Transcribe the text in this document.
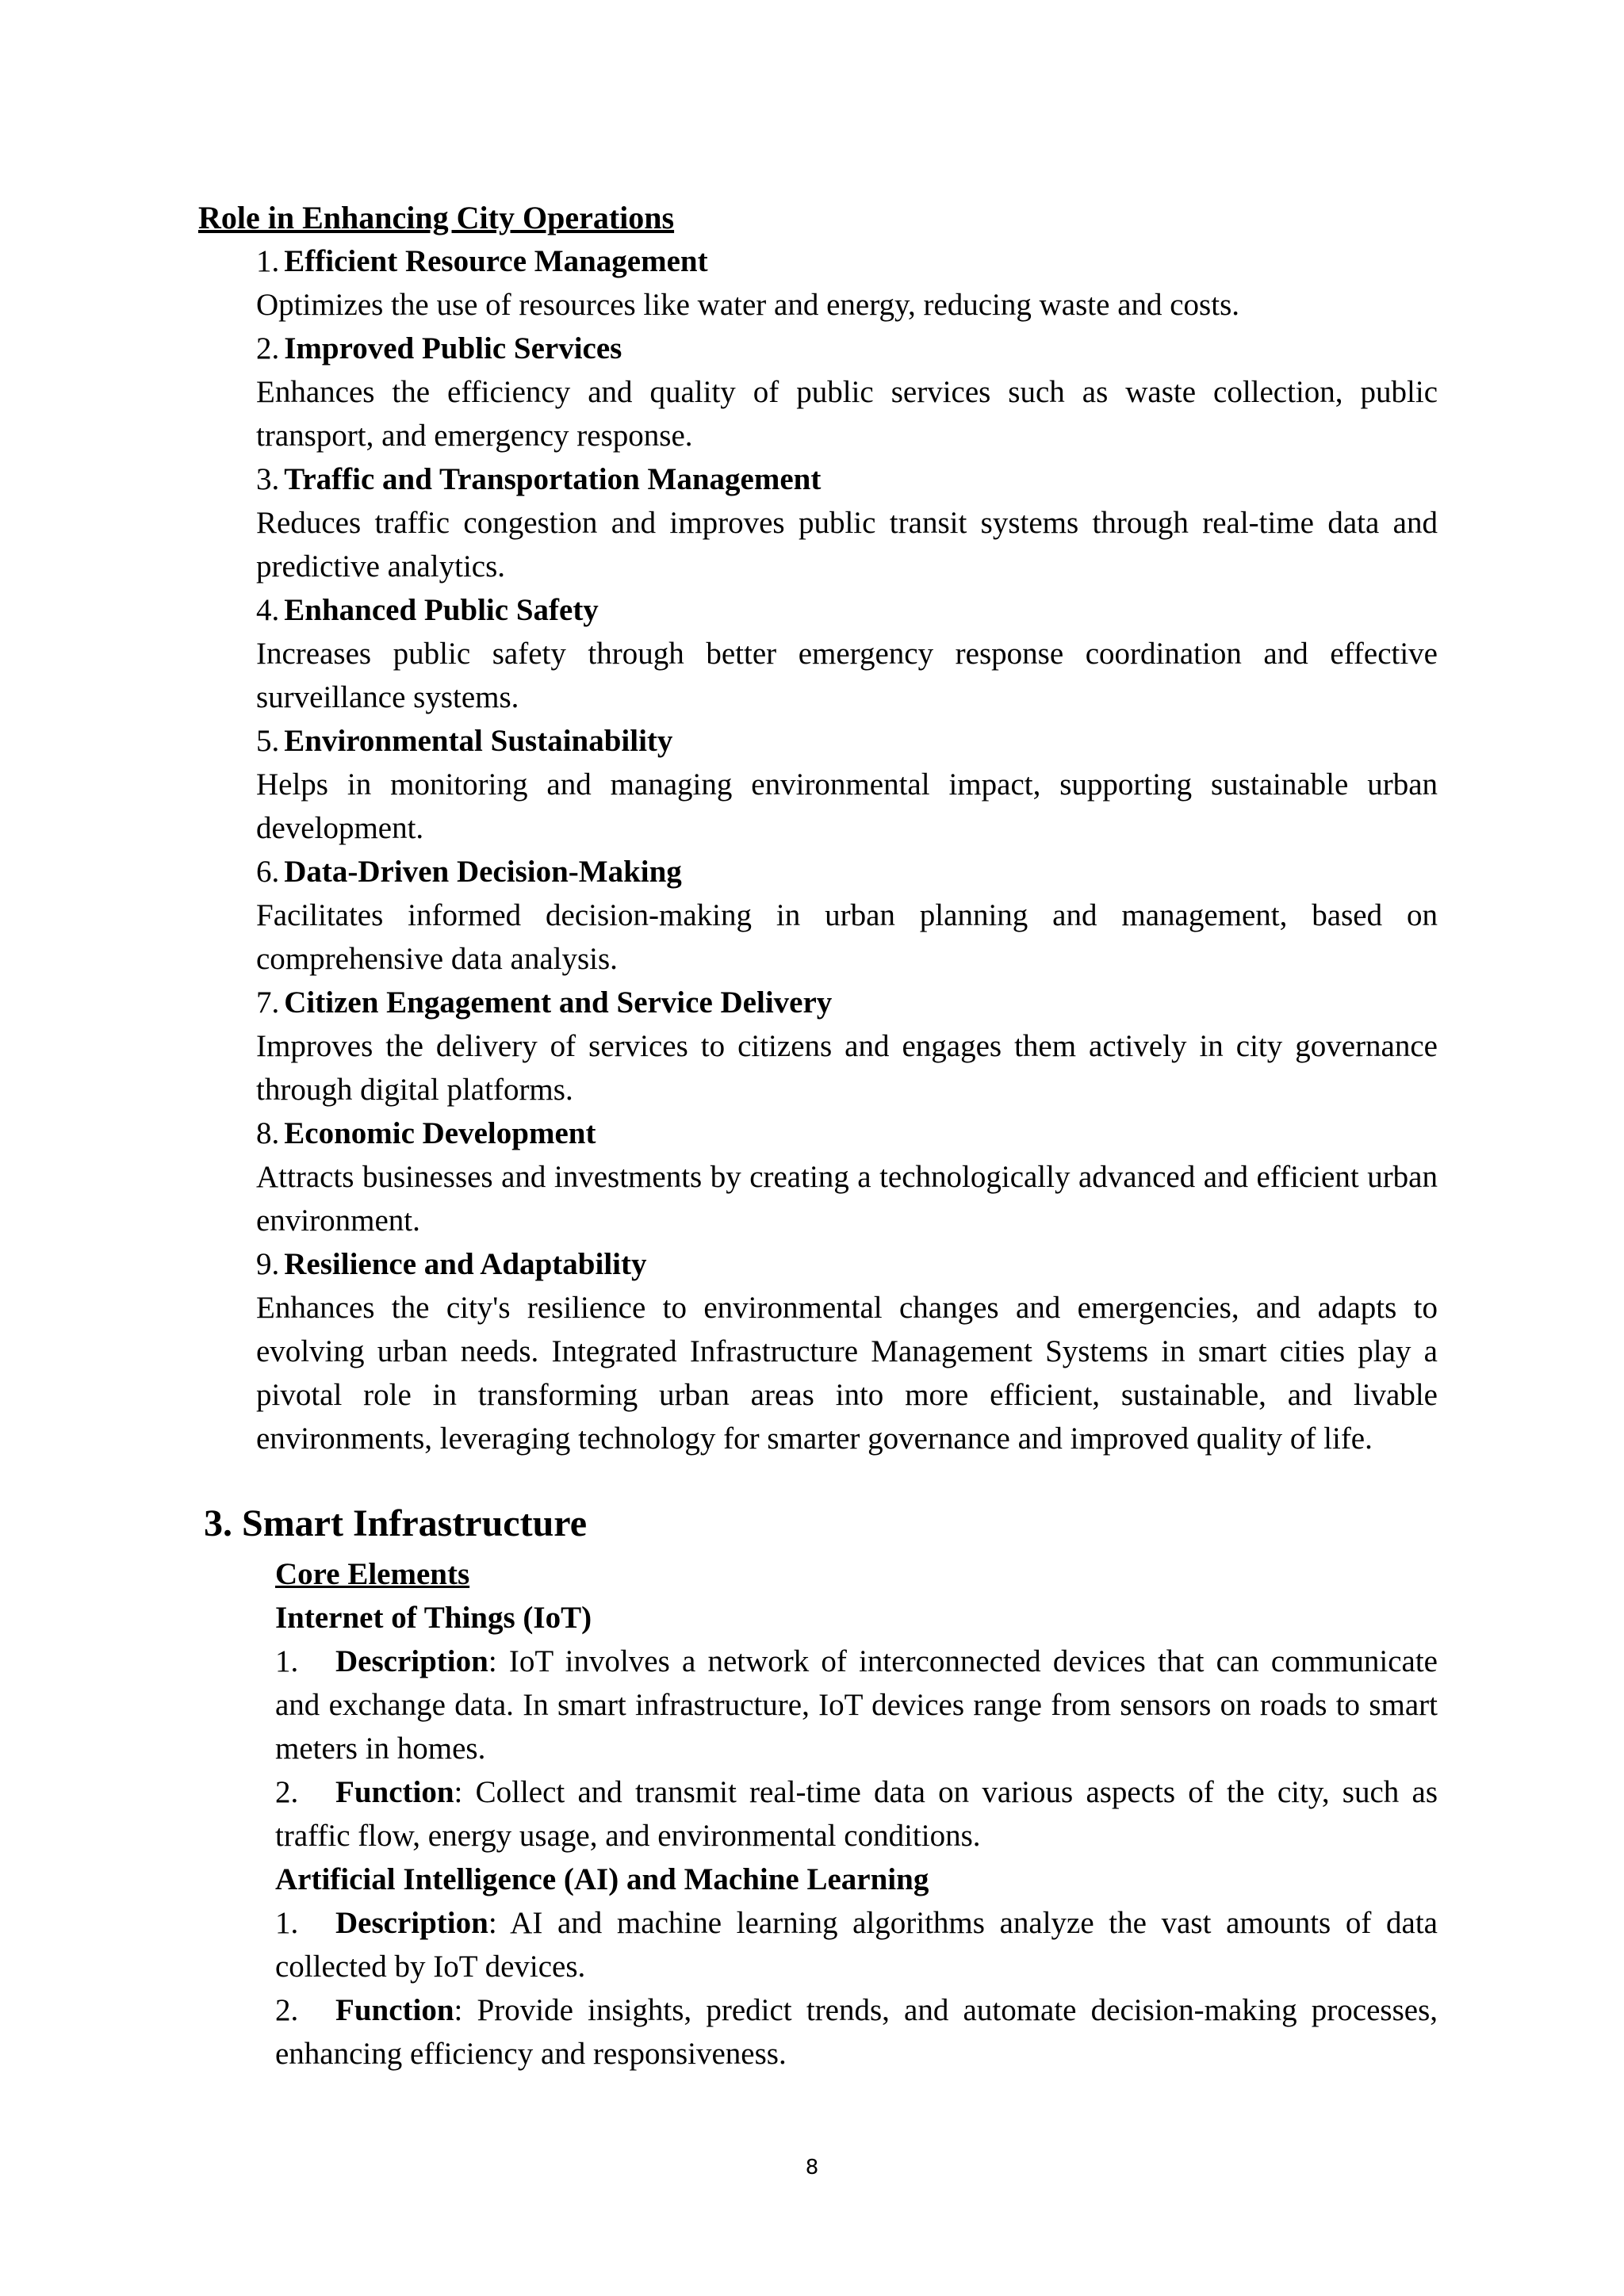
Role in Enhancing City Operations
1. Efficient Resource Management

Optimizes the use of resources like water and energy, reducing waste and costs.

2. Improved Public Services

Enhances the efficiency and quality of public services such as waste collection, public transport, and emergency response.

3. Traffic and Transportation Management

Reduces traffic congestion and improves public transit systems through real-time data and predictive analytics.

4. Enhanced Public Safety

Increases public safety through better emergency response coordination and effective surveillance systems.

5. Environmental Sustainability

Helps in monitoring and managing environmental impact, supporting sustainable urban development.

6. Data-Driven Decision-Making

Facilitates informed decision-making in urban planning and management, based on comprehensive data analysis.

7. Citizen Engagement and Service Delivery

Improves the delivery of services to citizens and engages them actively in city governance through digital platforms.

8. Economic Development

Attracts businesses and investments by creating a technologically advanced and efficient urban environment.

9. Resilience and Adaptability

Enhances the city's resilience to environmental changes and emergencies, and adapts to evolving urban needs. Integrated Infrastructure Management Systems in smart cities play a pivotal role in transforming urban areas into more efficient, sustainable, and livable environments, leveraging technology for smarter governance and improved quality of life.

3. Smart Infrastructure
Core Elements
Internet of Things (IoT)

1. Description: IoT involves a network of interconnected devices that can communicate and exchange data. In smart infrastructure, IoT devices range from sensors on roads to smart meters in homes.

2. Function: Collect and transmit real-time data on various aspects of the city, such as traffic flow, energy usage, and environmental conditions.

Artificial Intelligence (AI) and Machine Learning

1. Description: AI and machine learning algorithms analyze the vast amounts of data collected by IoT devices.

2. Function: Provide insights, predict trends, and automate decision-making processes, enhancing efficiency and responsiveness.

8
